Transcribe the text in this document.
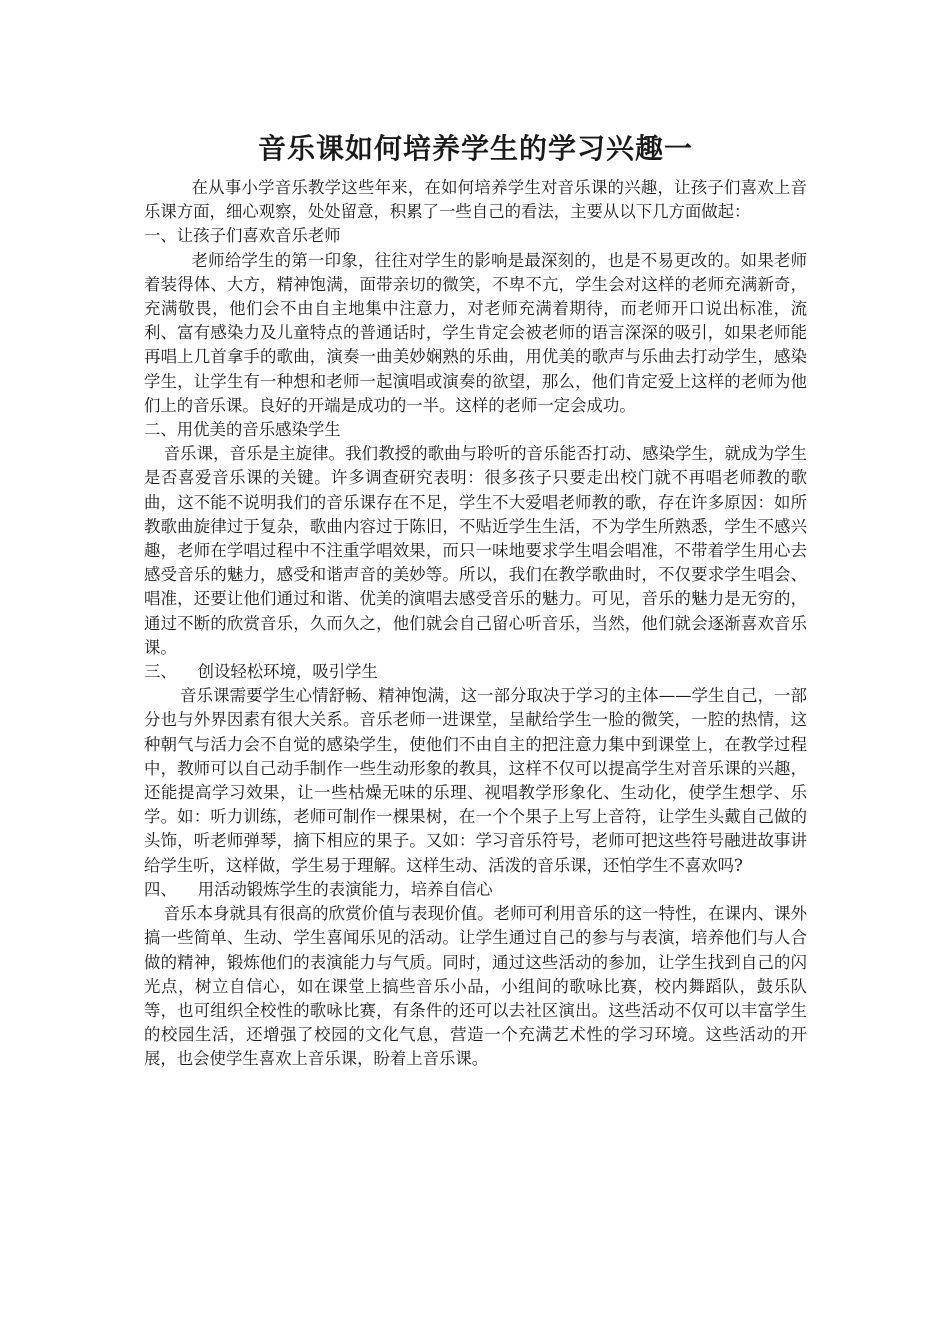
音乐课如何培养学生的学习兴趣一

在从事小学音乐教学这些年来，在如何培养学生对音乐课的兴趣，让孩子们喜欢上音乐课方面，细心观察，处处留意，积累了一些自己的看法，主要从以下几方面做起：

一、让孩子们喜欢音乐老师

老师给学生的第一印象，往往对学生的影响是最深刻的，也是不易更改的。如果老师着装得体、大方，精神饱满，面带亲切的微笑，不卑不亢，学生会对这样的老师充满新奇，充满敬畏，他们会不由自主地集中注意力，对老师充满着期待，而老师开口说出标准，流利、富有感染力及儿童特点的普通话时，学生肯定会被老师的语言深深的吸引，如果老师能再唱上几首拿手的歌曲，演奏一曲美妙娴熟的乐曲，用优美的歌声与乐曲去打动学生，感染学生，让学生有一种想和老师一起演唱或演奏的欲望，那么，他们肯定爱上这样的老师为他们上的音乐课。良好的开端是成功的一半。这样的老师一定会成功。

二、用优美的音乐感染学生

音乐课，音乐是主旋律。我们教授的歌曲与聆听的音乐能否打动、感染学生，就成为学生是否喜爱音乐课的关键。许多调查研究表明：很多孩子只要走出校门就不再唱老师教的歌曲，这不能不说明我们的音乐课存在不足，学生不大爱唱老师教的歌，存在许多原因：如所教歌曲旋律过于复杂，歌曲内容过于陈旧，不贴近学生生活，不为学生所熟悉，学生不感兴趣，老师在学唱过程中不注重学唱效果，而只一味地要求学生唱会唱准，不带着学生用心去感受音乐的魅力，感受和谐声音的美妙等。所以，我们在教学歌曲时，不仅要求学生唱会、唱准，还要让他们通过和谐、优美的演唱去感受音乐的魅力。可见，音乐的魅力是无穷的，通过不断的欣赏音乐，久而久之，他们就会自己留心听音乐，当然，他们就会逐渐喜欢音乐课。

三、    创设轻松环境，吸引学生

音乐课需要学生心情舒畅、精神饱满，这一部分取决于学习的主体——学生自己，一部分也与外界因素有很大关系。音乐老师一进课堂，呈献给学生一脸的微笑，一腔的热情，这种朝气与活力会不自觉的感染学生，使他们不由自主的把注意力集中到课堂上，在教学过程中，教师可以自己动手制作一些生动形象的教具，这样不仅可以提高学生对音乐课的兴趣，还能提高学习效果，让一些枯燥无味的乐理、视唱教学形象化、生动化，使学生想学、乐学。如：听力训练，老师可制作一棵果树，在一个个果子上写上音符，让学生头戴自己做的头饰，听老师弹琴，摘下相应的果子。又如：学习音乐符号，老师可把这些符号融进故事讲给学生听，这样做，学生易于理解。这样生动、活泼的音乐课，还怕学生不喜欢吗?

四、    用活动锻炼学生的表演能力，培养自信心

音乐本身就具有很高的欣赏价值与表现价值。老师可利用音乐的这一特性，在课内、课外搞一些简单、生动、学生喜闻乐见的活动。让学生通过自己的参与与表演，培养他们与人合做的精神，锻炼他们的表演能力与气质。同时，通过这些活动的参加，让学生找到自己的闪光点，树立自信心，如在课堂上搞些音乐小品，小组间的歌咏比赛，校内舞蹈队，鼓乐队等，也可组织全校性的歌咏比赛，有条件的还可以去社区演出。这些活动不仅可以丰富学生的校园生活，还增强了校园的文化气息，营造一个充满艺术性的学习环境。这些活动的开展，也会使学生喜欢上音乐课，盼着上音乐课。
